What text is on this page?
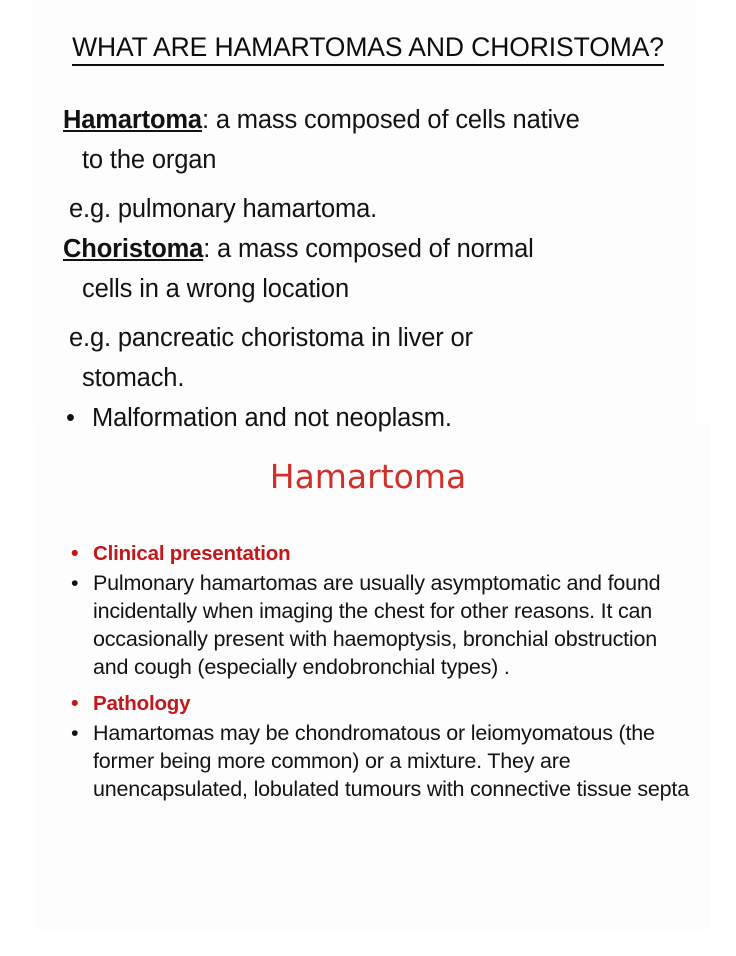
WHAT ARE HAMARTOMAS AND CHORISTOMA?
Hamartoma: a mass composed of cells native
to the organ
e.g. pulmonary hamartoma.
Choristoma: a mass composed of normal
cells in a wrong location
e.g. pancreatic choristoma in liver or
stomach.
• Malformation and not neoplasm.
Hamartoma
• Clinical presentation
• Pulmonary hamartomas are usually asymptomatic and found incidentally when imaging the chest for other reasons. It can occasionally present with haemoptysis, bronchial obstruction and cough (especially endobronchial types) .
• Pathology
• Hamartomas may be chondromatous or leiomyomatous (the former being more common) or a mixture. They are unencapsulated, lobulated tumours with connective tissue septa
